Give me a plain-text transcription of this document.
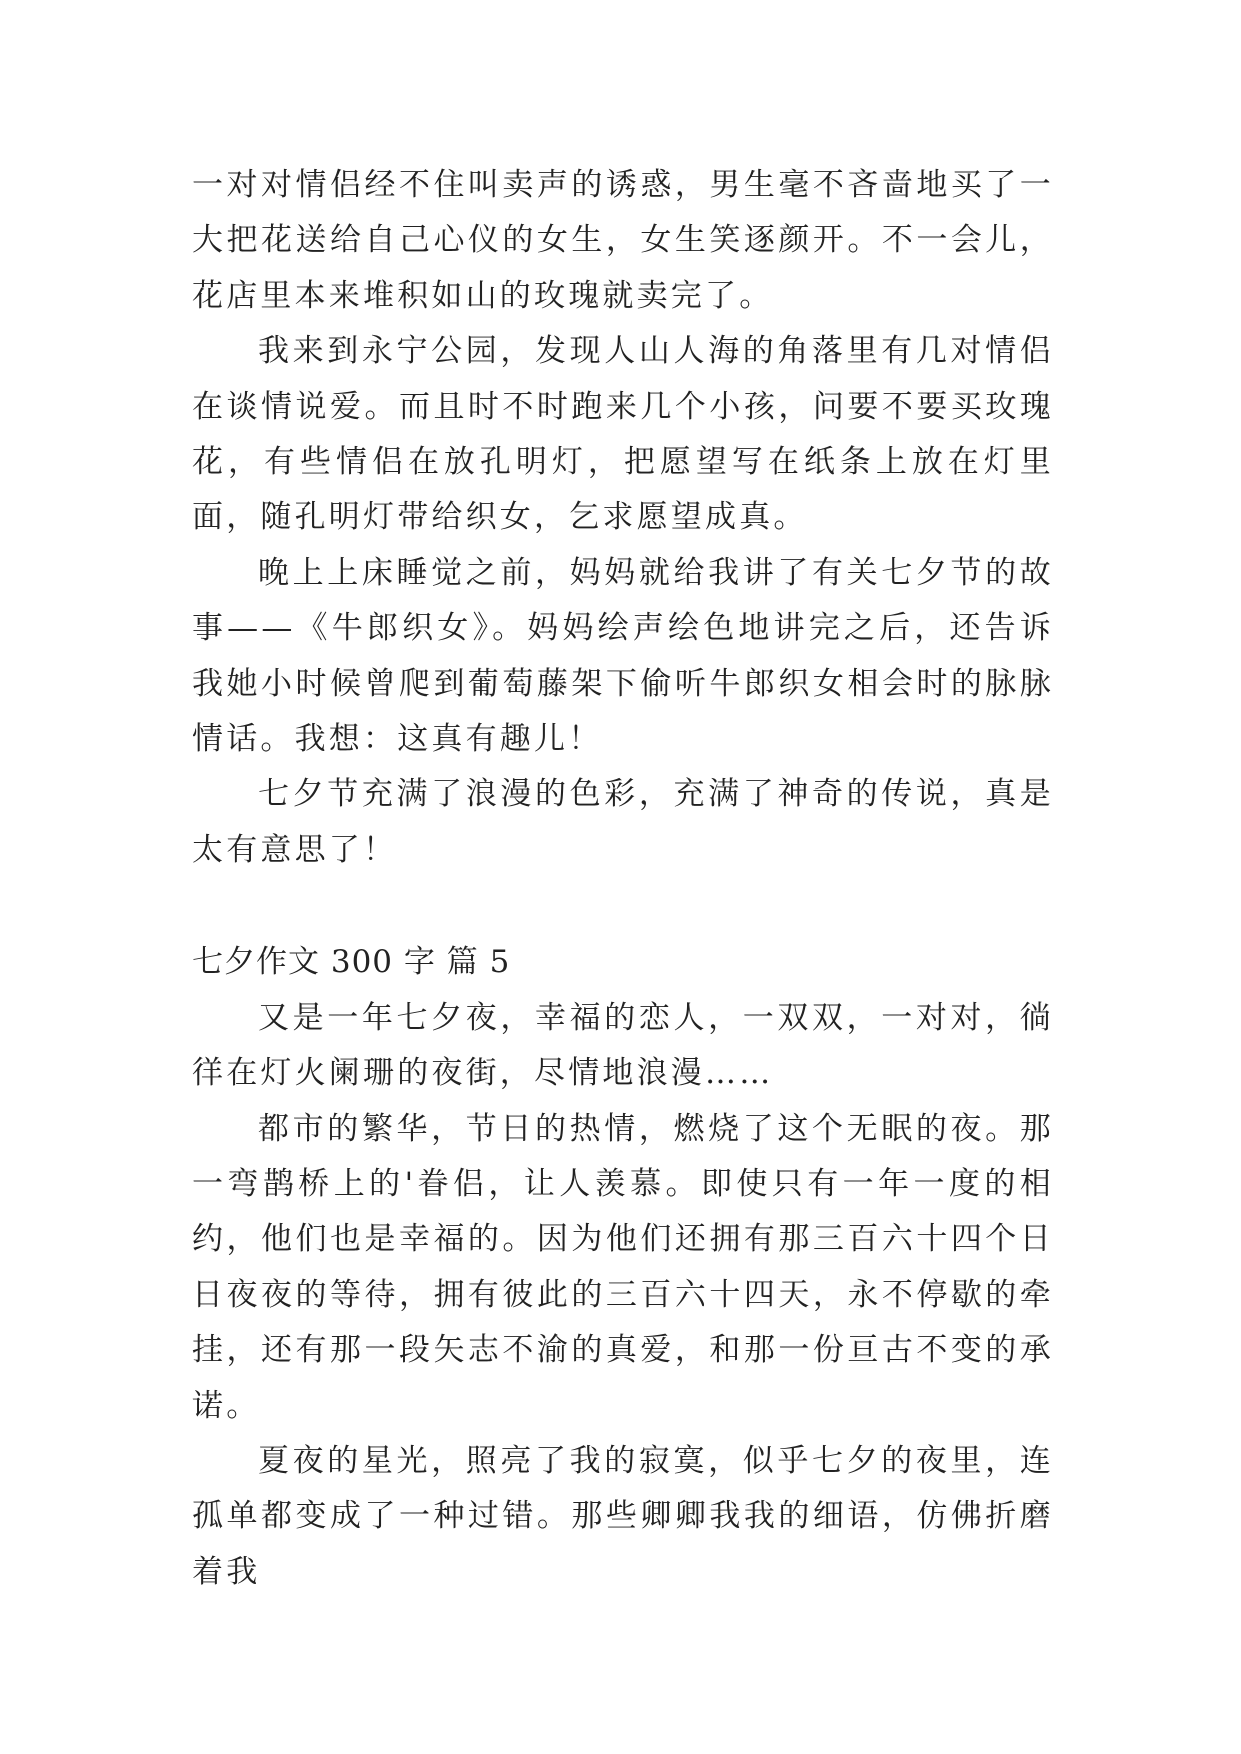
一对对情侣经不住叫卖声的诱惑，男生毫不吝啬地买了一大把花送给自己心仪的女生，女生笑逐颜开。不一会儿，花店里本来堆积如山的玫瑰就卖完了。

我来到永宁公园，发现人山人海的角落里有几对情侣在谈情说爱。而且时不时跑来几个小孩，问要不要买玫瑰花，有些情侣在放孔明灯，把愿望写在纸条上放在灯里面，随孔明灯带给织女，乞求愿望成真。

晚上上床睡觉之前，妈妈就给我讲了有关七夕节的故事——《牛郎织女》。妈妈绘声绘色地讲完之后，还告诉我她小时候曾爬到葡萄藤架下偷听牛郎织女相会时的脉脉情话。我想：这真有趣儿！

七夕节充满了浪漫的色彩，充满了神奇的传说，真是太有意思了！

七夕作文 300 字 篇 5

又是一年七夕夜，幸福的恋人，一双双，一对对，徜徉在灯火阑珊的夜街，尽情地浪漫……

都市的繁华，节日的热情，燃烧了这个无眠的夜。那一弯鹊桥上的'眷侣，让人羡慕。即使只有一年一度的相约，他们也是幸福的。因为他们还拥有那三百六十四个日日夜夜的等待，拥有彼此的三百六十四天，永不停歇的牵挂，还有那一段矢志不渝的真爱，和那一份亘古不变的承诺。

夏夜的星光，照亮了我的寂寞，似乎七夕的夜里，连孤单都变成了一种过错。那些卿卿我我的细语，仿佛折磨着我
